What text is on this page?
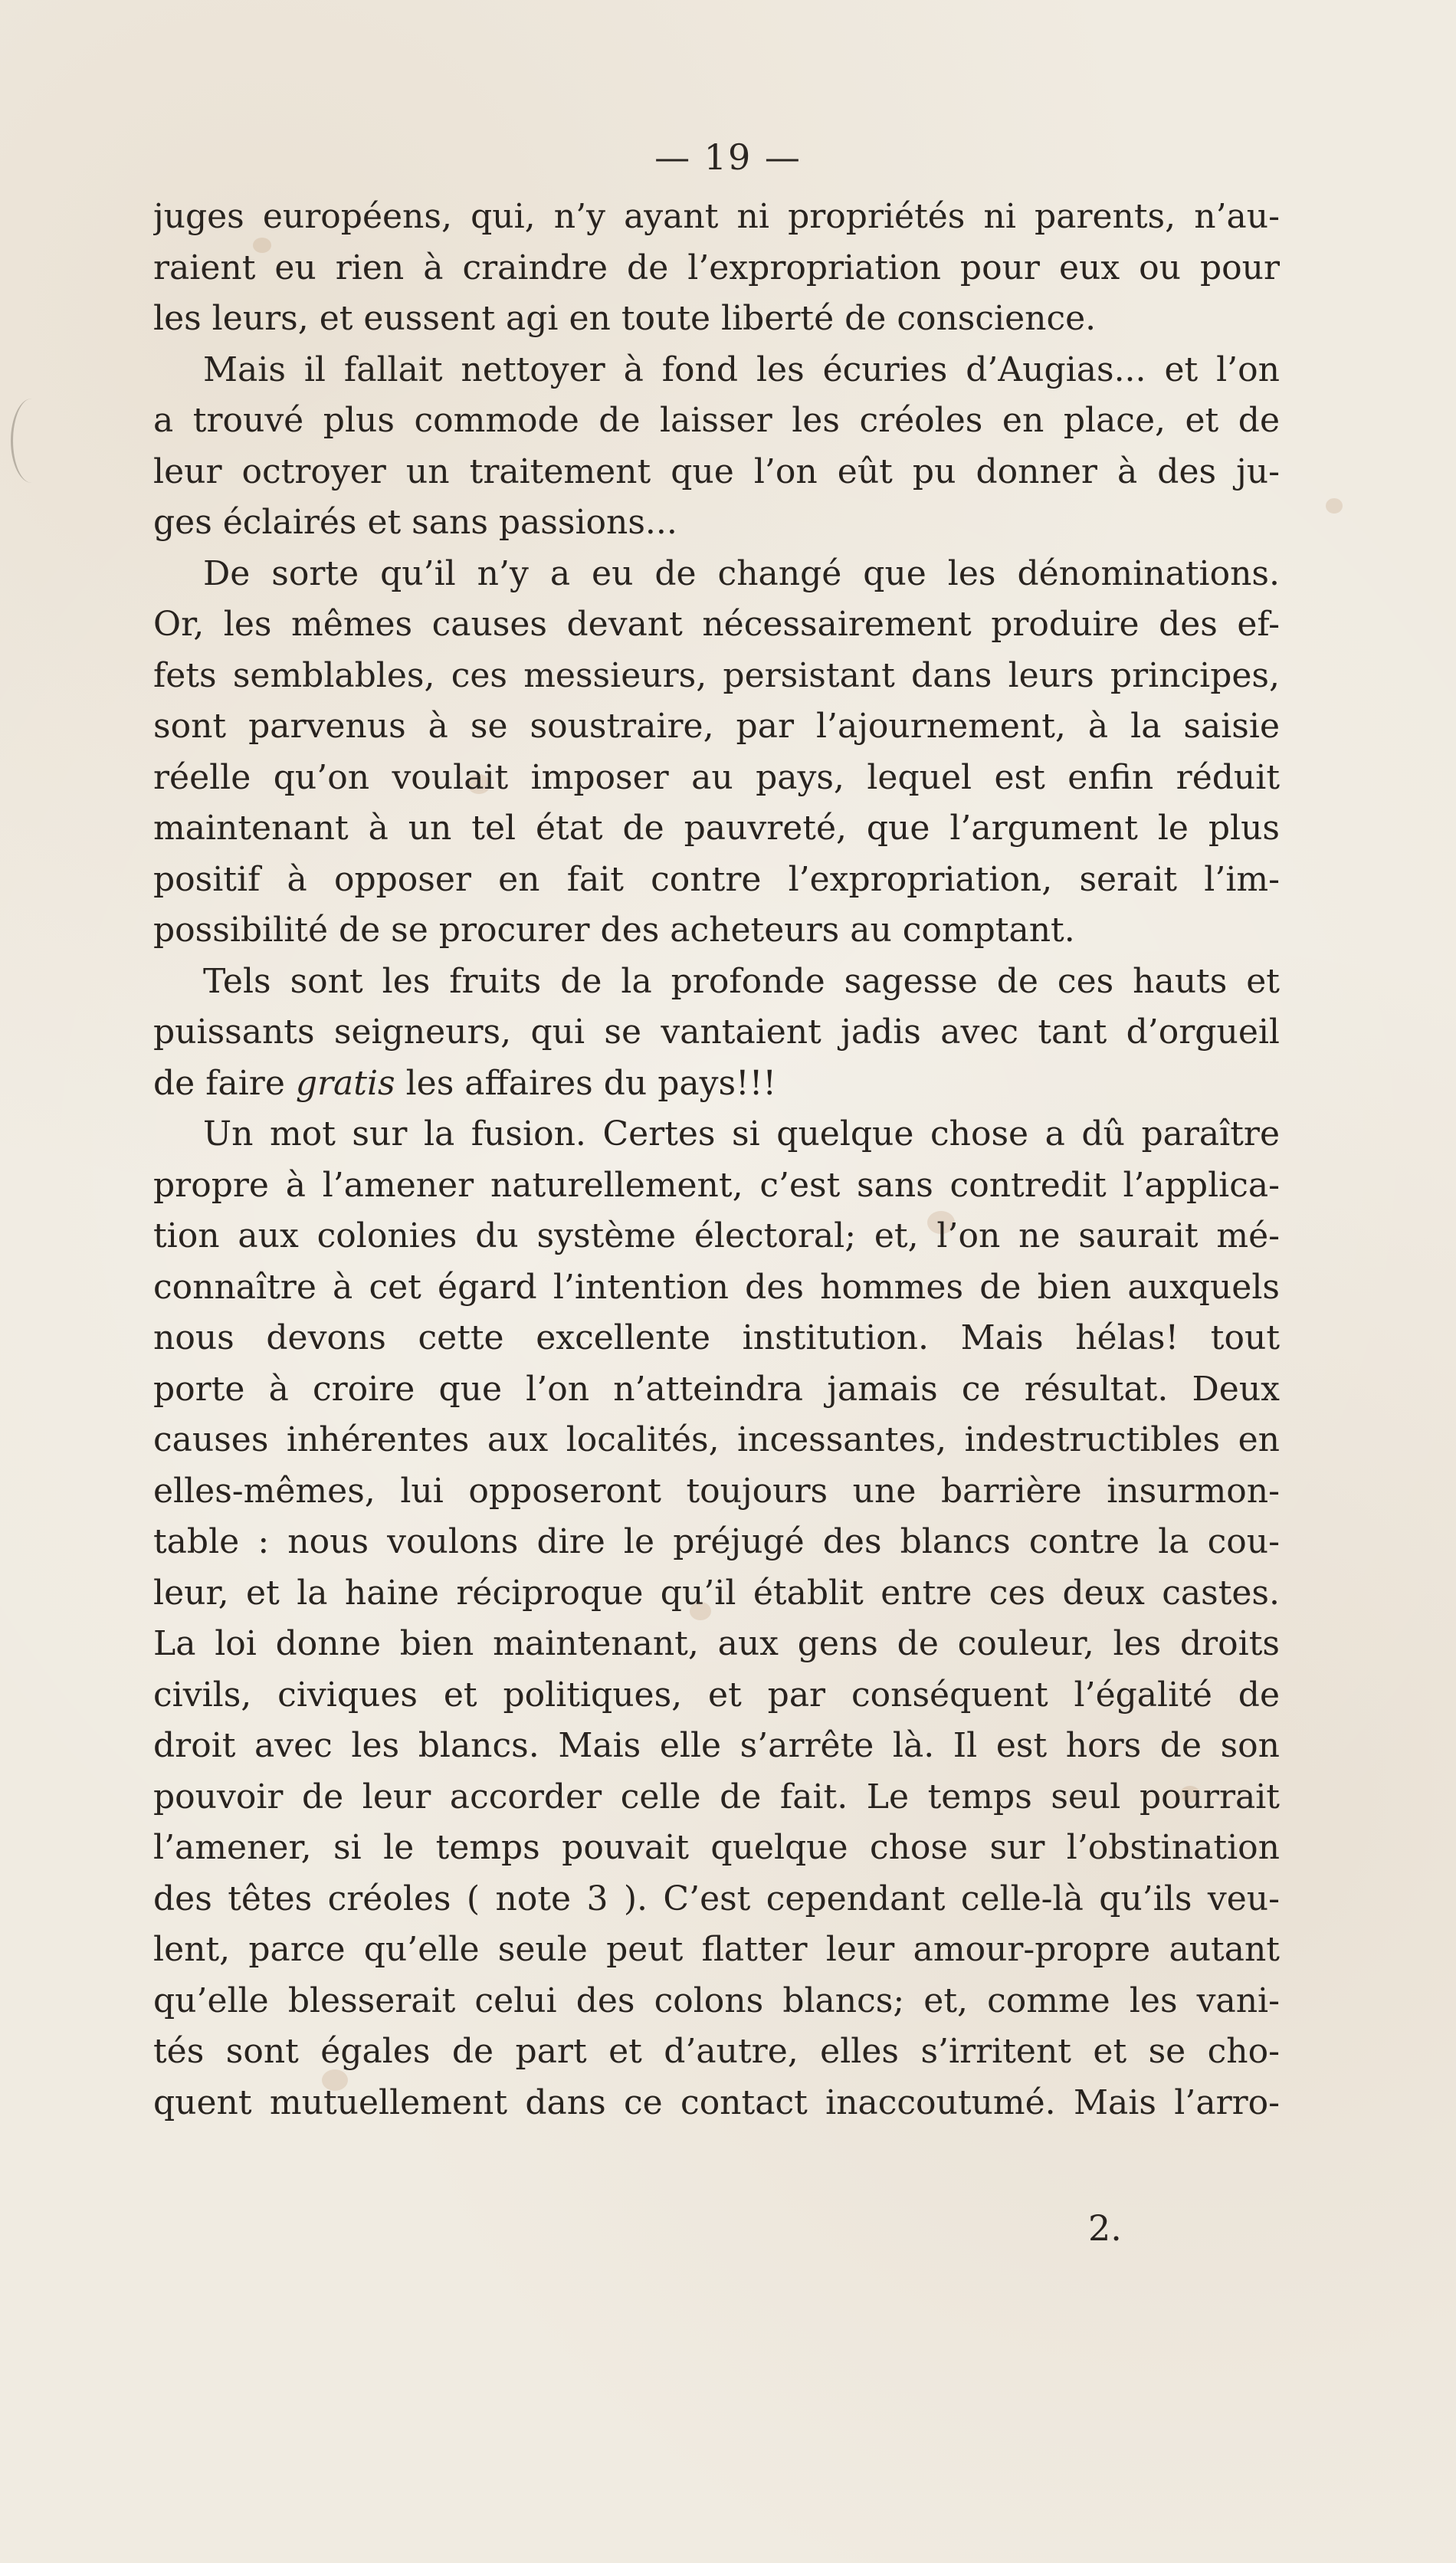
— 19 —
juges européens, qui, n’y ayant ni propriétés ni parents, n’au-
raient eu rien à craindre de l’expropriation pour eux ou pour
les leurs, et eussent agi en toute liberté de conscience.
Mais il fallait nettoyer à fond les écuries d’Augias... et l’on
a trouvé plus commode de laisser les créoles en place, et de
leur octroyer un traitement que l’on eût pu donner à des ju-
ges éclairés et sans passions...
De sorte qu’il n’y a eu de changé que les dénominations.
Or, les mêmes causes devant nécessairement produire des ef-
fets semblables, ces messieurs, persistant dans leurs principes,
sont parvenus à se soustraire, par l’ajournement, à la saisie
réelle qu’on voulait imposer au pays, lequel est enfin réduit
maintenant à un tel état de pauvreté, que l’argument le plus
positif à opposer en fait contre l’expropriation, serait l’im-
possibilité de se procurer des acheteurs au comptant.
Tels sont les fruits de la profonde sagesse de ces hauts et
puissants seigneurs, qui se vantaient jadis avec tant d’orgueil
de faire gratis les affaires du pays!!!
Un mot sur la fusion. Certes si quelque chose a dû paraître
propre à l’amener naturellement, c’est sans contredit l’applica-
tion aux colonies du système électoral; et, l’on ne saurait mé-
connaître à cet égard l’intention des hommes de bien auxquels
nous devons cette excellente institution. Mais hélas! tout
porte à croire que l’on n’atteindra jamais ce résultat. Deux
causes inhérentes aux localités, incessantes, indestructibles en
elles-mêmes, lui opposeront toujours une barrière insurmon-
table : nous voulons dire le préjugé des blancs contre la cou-
leur, et la haine réciproque qu’il établit entre ces deux castes.
La loi donne bien maintenant, aux gens de couleur, les droits
civils, civiques et politiques, et par conséquent l’égalité de
droit avec les blancs. Mais elle s’arrête là. Il est hors de son
pouvoir de leur accorder celle de fait. Le temps seul pourrait
l’amener, si le temps pouvait quelque chose sur l’obstination
des têtes créoles ( note 3 ). C’est cependant celle-là qu’ils veu-
lent, parce qu’elle seule peut flatter leur amour-propre autant
qu’elle blesserait celui des colons blancs; et, comme les vani-
tés sont égales de part et d’autre, elles s’irritent et se cho-
quent mutuellement dans ce contact inaccoutumé. Mais l’arro-
2.
